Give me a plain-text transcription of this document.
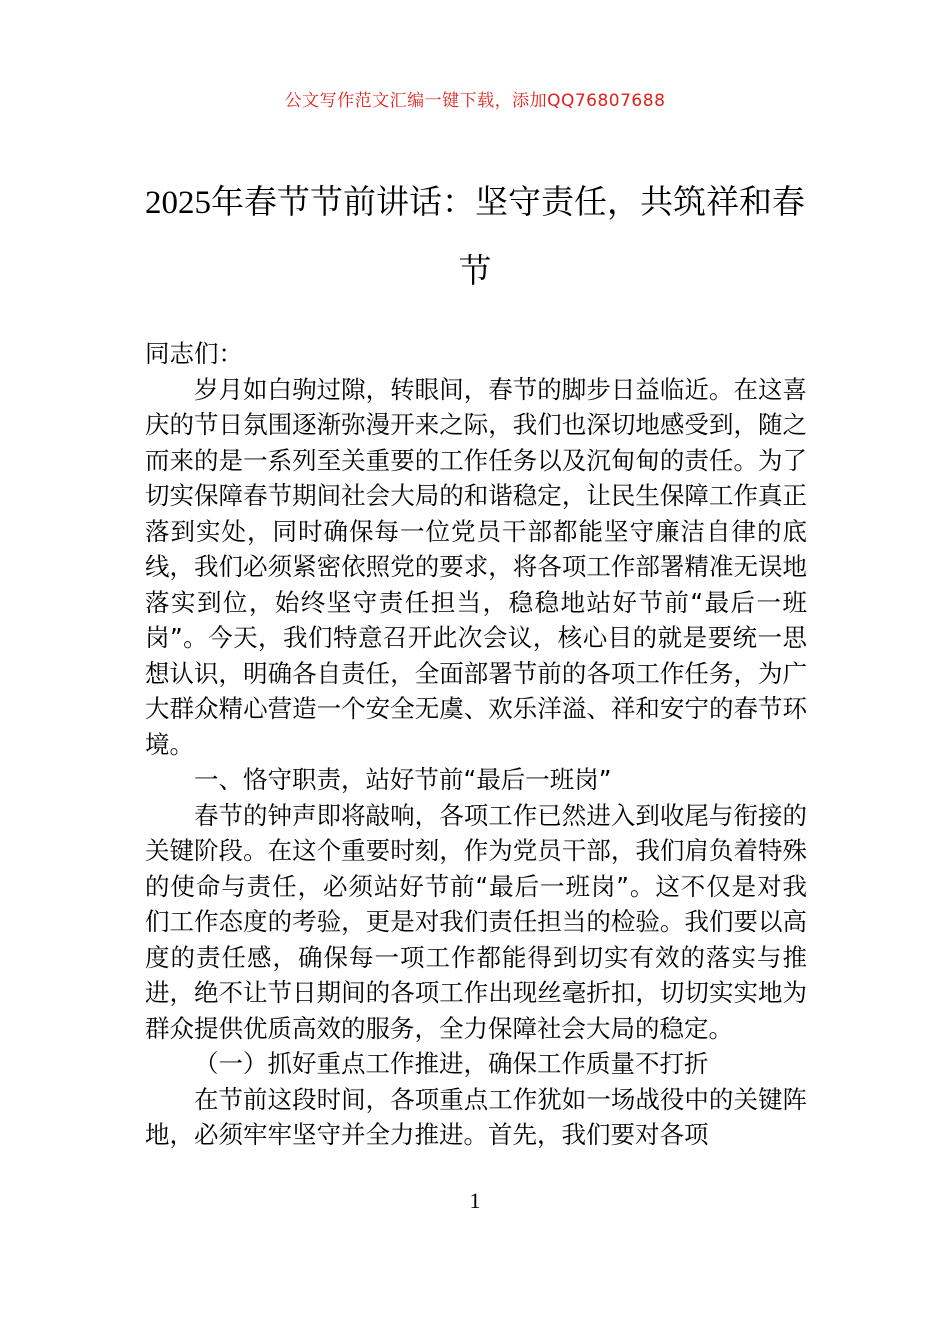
公文写作范文汇编一键下载，添加QQ76807688
2025年春节节前讲话：坚守责任，共筑祥和春节

同志们：

岁月如白驹过隙，转眼间，春节的脚步日益临近。在这喜庆的节日氛围逐渐弥漫开来之际，我们也深切地感受到，随之而来的是一系列至关重要的工作任务以及沉甸甸的责任。为了切实保障春节期间社会大局的和谐稳定，让民生保障工作真正落到实处，同时确保每一位党员干部都能坚守廉洁自律的底线，我们必须紧密依照党的要求，将各项工作部署精准无误地落实到位，始终坚守责任担当，稳稳地站好节前“最后一班岗”。今天，我们特意召开此次会议，核心目的就是要统一思想认识，明确各自责任，全面部署节前的各项工作任务，为广大群众精心营造一个安全无虞、欢乐洋溢、祥和安宁的春节环境。

一、恪守职责，站好节前“最后一班岗”

春节的钟声即将敲响，各项工作已然进入到收尾与衔接的关键阶段。在这个重要时刻，作为党员干部，我们肩负着特殊的使命与责任，必须站好节前“最后一班岗”。这不仅是对我们工作态度的考验，更是对我们责任担当的检验。我们要以高度的责任感，确保每一项工作都能得到切实有效的落实与推进，绝不让节日期间的各项工作出现丝毫折扣，切切实实地为群众提供优质高效的服务，全力保障社会大局的稳定。

（一）抓好重点工作推进，确保工作质量不打折

在节前这段时间，各项重点工作犹如一场战役中的关键阵地，必须牢牢坚守并全力推进。首先，我们要对各项

1
